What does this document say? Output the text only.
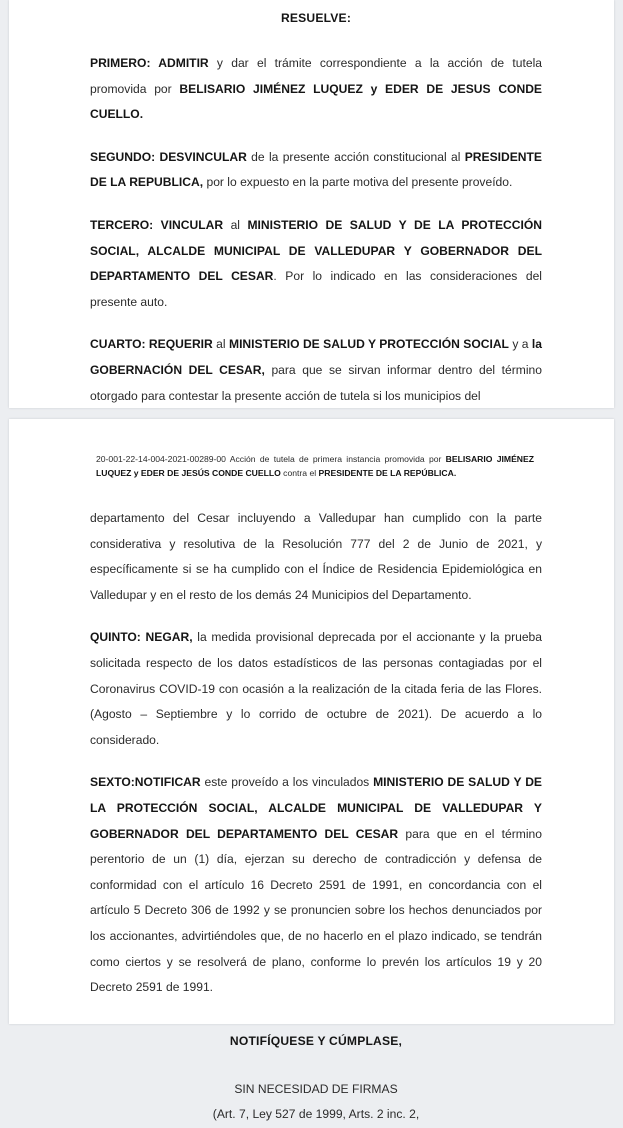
RESUELVE:

PRIMERO: ADMITIR y dar el trámite correspondiente a la acción de tutela promovida por BELISARIO JIMÉNEZ LUQUEZ y EDER DE JESUS CONDE CUELLO.

SEGUNDO: DESVINCULAR de la presente acción constitucional al PRESIDENTE DE LA REPUBLICA, por lo expuesto en la parte motiva del presente proveído.

TERCERO: VINCULAR al MINISTERIO DE SALUD Y DE LA PROTECCIÓN SOCIAL, ALCALDE MUNICIPAL DE VALLEDUPAR Y GOBERNADOR DEL DEPARTAMENTO DEL CESAR. Por lo indicado en las consideraciones del presente auto.

CUARTO: REQUERIR al MINISTERIO DE SALUD Y PROTECCIÓN SOCIAL y a la GOBERNACIÓN DEL CESAR, para que se sirvan informar dentro del término otorgado para contestar la presente acción de tutela si los municipios del

20-001-22-14-004-2021-00289-00 Acción de tutela de primera instancia promovida por BELISARIO JIMÉNEZ LUQUEZ y EDER DE JESÚS CONDE CUELLO contra el PRESIDENTE DE LA REPÚBLICA.

departamento del Cesar incluyendo a Valledupar han cumplido con la parte considerativa y resolutiva de la Resolución 777 del 2 de Junio de 2021, y específicamente si se ha cumplido con el Índice de Residencia Epidemiológica en Valledupar y en el resto de los demás 24 Municipios del Departamento.

QUINTO: NEGAR, la medida provisional deprecada por el accionante y la prueba solicitada respecto de los datos estadísticos de las personas contagiadas por el Coronavirus COVID-19 con ocasión a la realización de la citada feria de las Flores. (Agosto – Septiembre y lo corrido de octubre de 2021). De acuerdo a lo considerado.

SEXTO:NOTIFICAR este proveído a los vinculados MINISTERIO DE SALUD Y DE LA PROTECCIÓN SOCIAL, ALCALDE MUNICIPAL DE VALLEDUPAR Y GOBERNADOR DEL DEPARTAMENTO DEL CESAR para que en el término perentorio de un (1) día, ejerzan su derecho de contradicción y defensa de conformidad con el artículo 16 Decreto 2591 de 1991, en concordancia con el artículo 5 Decreto 306 de 1992 y se pronuncien sobre los hechos denunciados por los accionantes, advirtiéndoles que, de no hacerlo en el plazo indicado, se tendrán como ciertos y se resolverá de plano, conforme lo prevén los artículos 19 y 20 Decreto 2591 de 1991.

NOTIFÍQUESE Y CÚMPLASE,
SIN NECESIDAD DE FIRMAS
(Art. 7, Ley 527 de 1999, Arts. 2 inc. 2,
